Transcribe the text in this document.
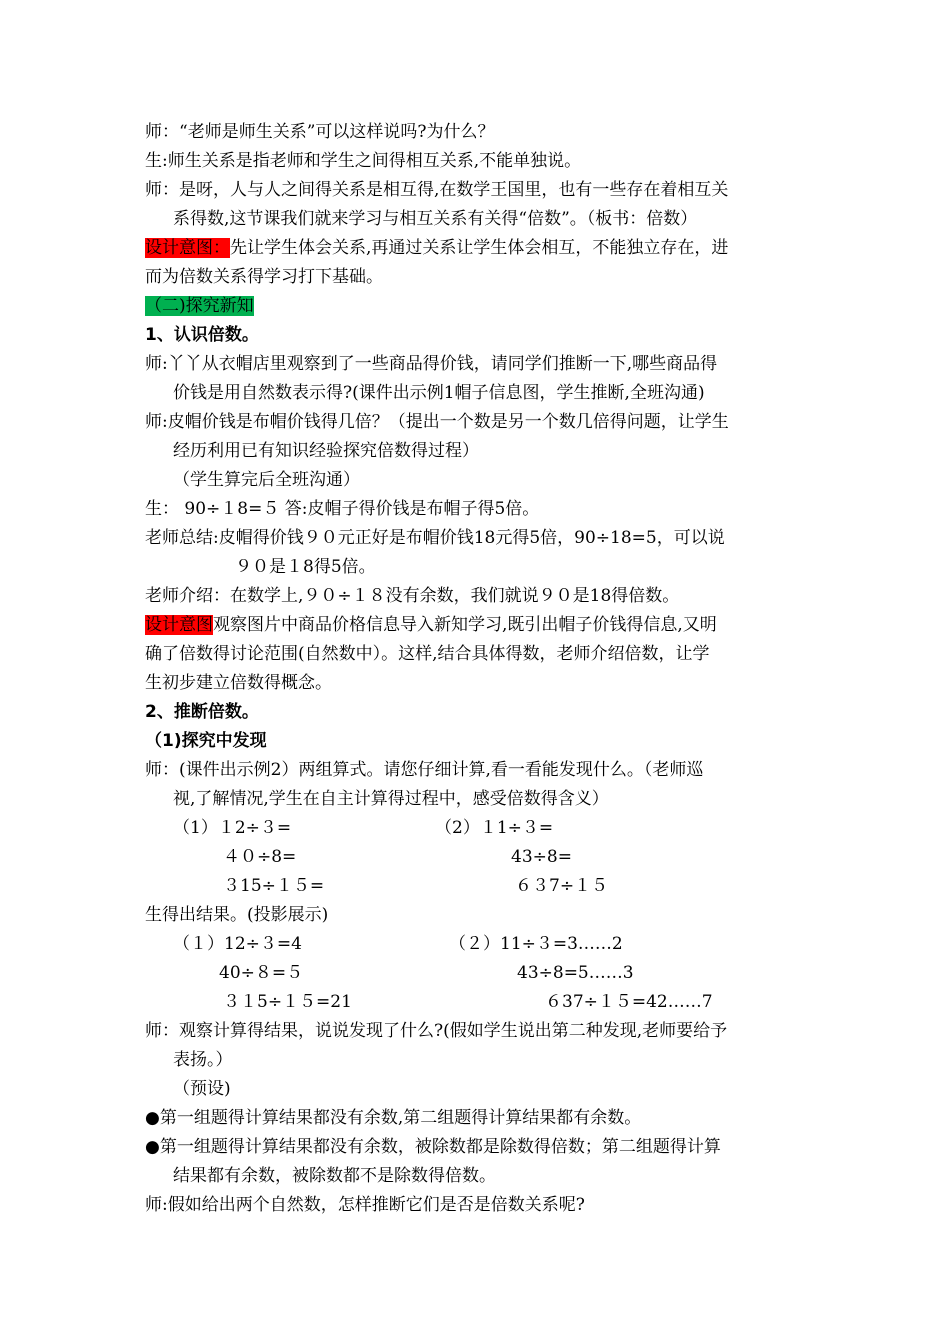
师：“老师是师生关系”可以这样说吗?为什么？
生:师生关系是指老师和学生之间得相互关系,不能单独说。
师：是呀，人与人之间得关系是相互得,在数学王国里，也有一些存在着相互关
系得数,这节课我们就来学习与相互关系有关得“倍数”。（板书：倍数）
设计意图：先让学生体会关系,再通过关系让学生体会相互，不能独立存在，进
而为倍数关系得学习打下基础。
（二)探究新知
1、认识倍数。
师:丫丫从衣帽店里观察到了一些商品得价钱，请同学们推断一下,哪些商品得
价钱是用自然数表示得?(课件出示例1帽子信息图，学生推断,全班沟通)
师:皮帽价钱是布帽价钱得几倍？（提出一个数是另一个数几倍得问题，让学生
经历利用已有知识经验探究倍数得过程）
（学生算完后全班沟通）
生： 90÷１8=５ 答:皮帽子得价钱是布帽子得5倍。
老师总结:皮帽得价钱９０元正好是布帽价钱18元得5倍，90÷18=5，可以说
９０是１8得5倍。
老师介绍：在数学上,９０÷１８没有余数，我们就说９０是18得倍数。
设计意图观察图片中商品价格信息导入新知学习,既引出帽子价钱得信息,又明
确了倍数得讨论范围(自然数中）。这样,结合具体得数，老师介绍倍数，让学
生初步建立倍数得概念。
2、推断倍数。
（1)探究中发现
师：(课件出示例2）两组算式。请您仔细计算,看一看能发现什么。（老师巡
视,了解情况,学生在自主计算得过程中，感受倍数得含义）
（1）１2÷３=	（2）１1÷３=
４０÷8=	43÷8=
３15÷１５=	６３7÷１５
生得出结果。(投影展示)
（１）12÷３=4	（２）11÷３=3……2
40÷８=５	43÷8=5……3
３１5÷１５=21	６37÷１５=42……7
师：观察计算得结果，说说发现了什么?(假如学生说出第二种发现,老师要给予
表扬。）
（预设)
●第一组题得计算结果都没有余数,第二组题得计算结果都有余数。
●第一组题得计算结果都没有余数，被除数都是除数得倍数；第二组题得计算
结果都有余数，被除数都不是除数得倍数。
师:假如给出两个自然数，怎样推断它们是否是倍数关系呢?
